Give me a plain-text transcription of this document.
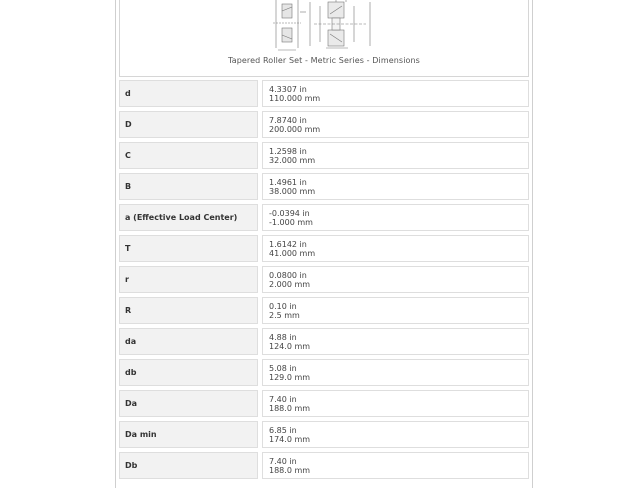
Tapered Roller Set - Metric Series - Dimensions
d	4.3307 in
110.000 mm
D	7.8740 in
200.000 mm
C	1.2598 in
32.000 mm
B	1.4961 in
38.000 mm
a (Effective Load Center)	-0.0394 in
-1.000 mm
T	1.6142 in
41.000 mm
r	0.0800 in
2.000 mm
R	0.10 in
2.5 mm
da	4.88 in
124.0 mm
db	5.08 in
129.0 mm
Da	7.40 in
188.0 mm
Da min	6.85 in
174.0 mm
Db	7.40 in
188.0 mm
